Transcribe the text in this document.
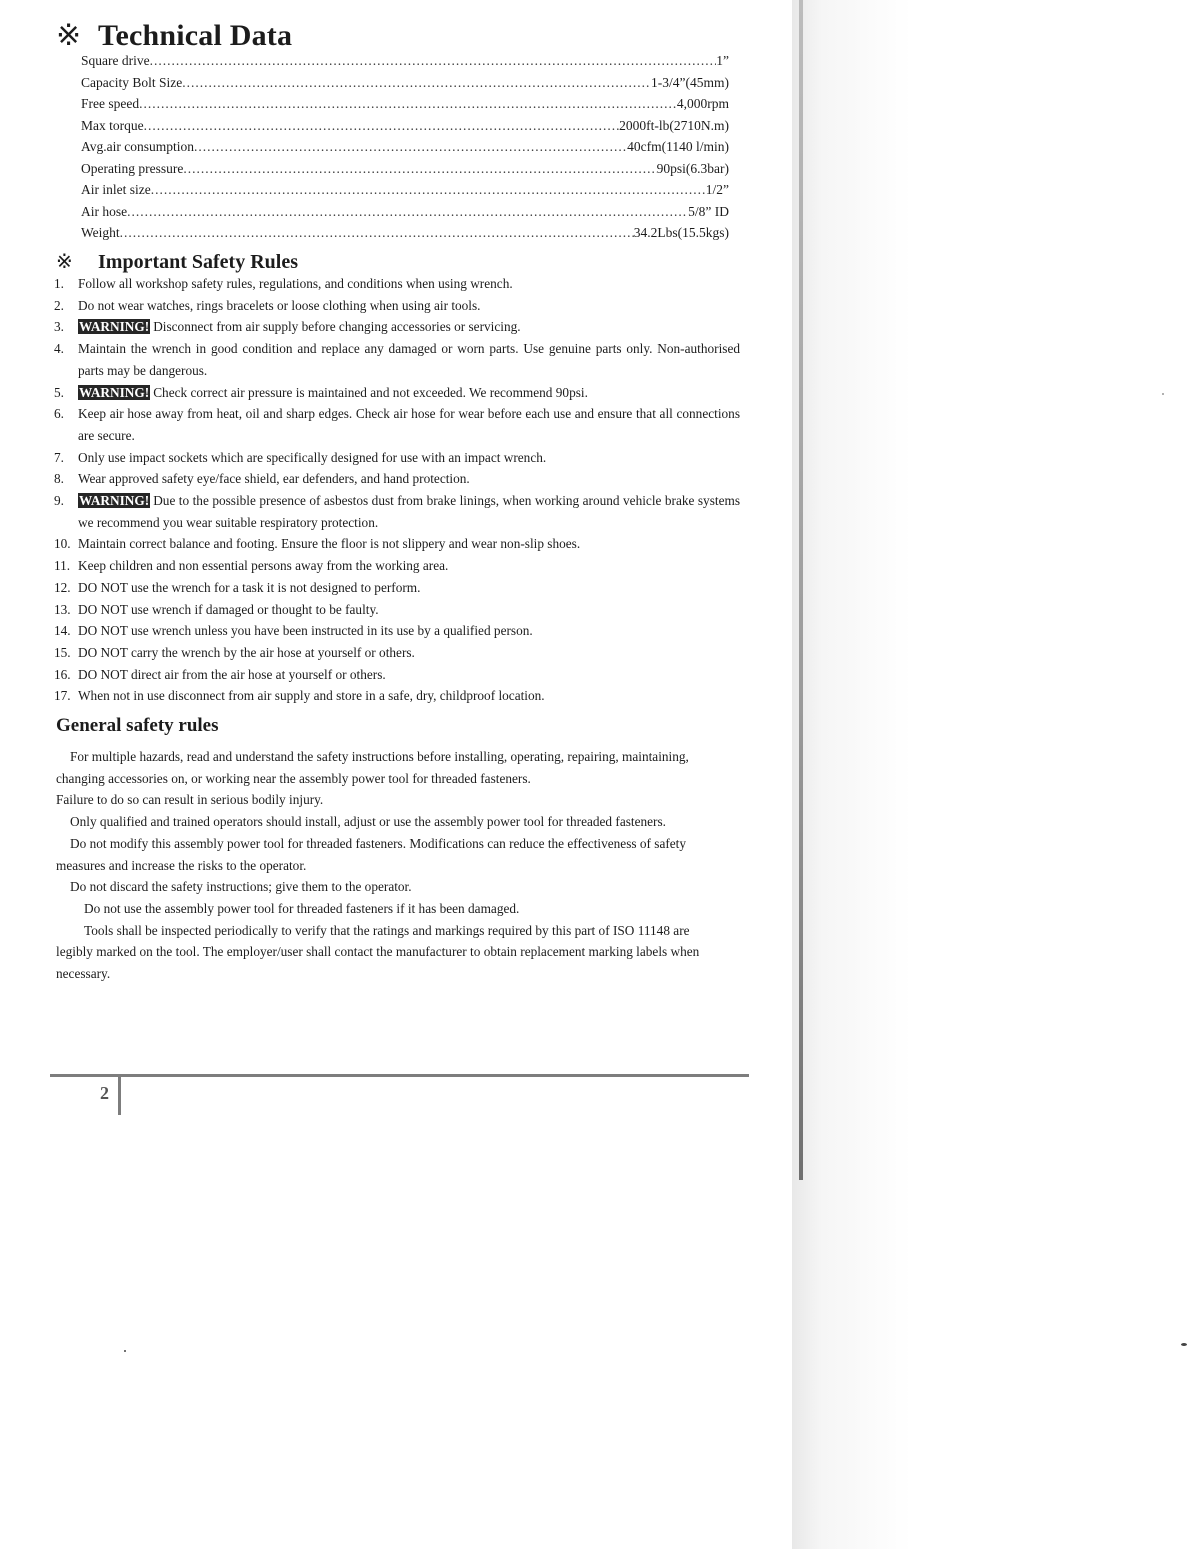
※ Technical Data
Square drive .....	1”
Capacity Bolt Size .....	1-3/4”(45mm)
Free speed .....	4,000rpm
Max torque .....	2000ft-lb(2710N.m)
Avg.air consumption .....	40cfm(1140 l/min)
Operating pressure .....	90psi(6.3bar)
Air inlet size .....	1/2”
Air hose .....	5/8” ID
Weight .....	34.2Lbs(15.5kgs)
※ Important Safety Rules
1. Follow all workshop safety rules, regulations, and conditions when using wrench.
2. Do not wear watches, rings bracelets or loose clothing when using air tools.
3. WARNING! Disconnect from air supply before changing accessories or servicing.
4. Maintain the wrench in good condition and replace any damaged or worn parts. Use genuine parts only. Non-authorised parts may be dangerous.
5. WARNING! Check correct air pressure is maintained and not exceeded. We recommend 90psi.
6. Keep air hose away from heat, oil and sharp edges. Check air hose for wear before each use and ensure that all connections are secure.
7. Only use impact sockets which are specifically designed for use with an impact wrench.
8. Wear approved safety eye/face shield, ear defenders, and hand protection.
9. WARNING! Due to the possible presence of asbestos dust from brake linings, when working around vehicle brake systems we recommend you wear suitable respiratory protection.
10. Maintain correct balance and footing. Ensure the floor is not slippery and wear non-slip shoes.
11. Keep children and non essential persons away from the working area.
12. DO NOT use the wrench for a task it is not designed to perform.
13. DO NOT use wrench if damaged or thought to be faulty.
14. DO NOT use wrench unless you have been instructed in its use by a qualified person.
15. DO NOT carry the wrench by the air hose at yourself or others.
16. DO NOT direct air from the air hose at yourself or others.
17. When not in use disconnect from air supply and store in a safe, dry, childproof location.
General safety rules

For multiple hazards, read and understand the safety instructions before installing, operating, repairing, maintaining, changing accessories on, or working near the assembly power tool for threaded fasteners.

Failure to do so can result in serious bodily injury.

Only qualified and trained operators should install, adjust or use the assembly power tool for threaded fasteners.

Do not modify this assembly power tool for threaded fasteners. Modifications can reduce the effectiveness of safety measures and increase the risks to the operator.

Do not discard the safety instructions; give them to the operator.

Do not use the assembly power tool for threaded fasteners if it has been damaged.

Tools shall be inspected periodically to verify that the ratings and markings required by this part of ISO 11148 are legibly marked on the tool. The employer/user shall contact the manufacturer to obtain replacement marking labels when necessary.

2
